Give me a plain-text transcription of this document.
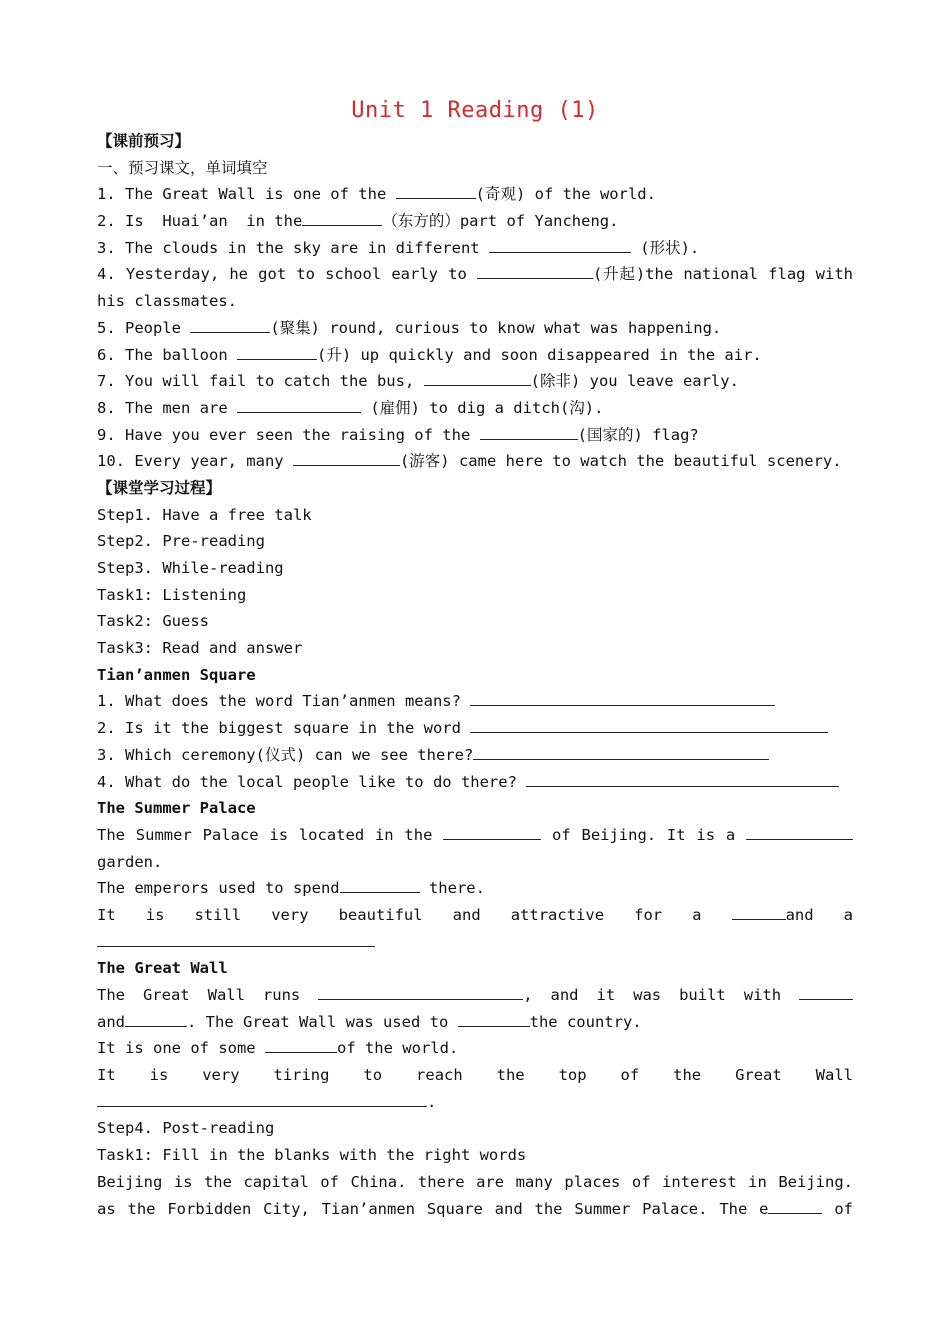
Unit 1 Reading (1)
【课前预习】
一、预习课文，单词填空
1. The Great Wall is one of the	(奇观) of the world.
2. Is  Huai’an  in the	（东方的）part of Yancheng.
3. The clouds in the sky are in different	(形状).
4. Yesterday, he got to school early to	(升起)the national flag with
his classmates.
5. People	(聚集) round, curious to know what was happening.
6. The balloon	(升) up quickly and soon disappeared in the air.
7. You will fail to catch the bus,	(除非) you leave early.
8. The men are	(雇佣) to dig a ditch(沟).
9. Have you ever seen the raising of the	(国家的) flag?
10. Every year, many	(游客) came here to watch the beautiful scenery.
【课堂学习过程】
Step1. Have a free talk
Step2. Pre-reading
Step3. While-reading
Task1: Listening
Task2: Guess
Task3: Read and answer
Tian’anmen Square
1. What does the word Tian’anmen means?
2. Is it the biggest square in the word
3. Which ceremony(仪式) can we see there?
4. What do the local people like to do there?
The Summer Palace
The Summer Palace is located in the	of Beijing. It is a
garden.
The emperors used to spend	there.
It is still very beautiful and attractive for a	and a
The Great Wall
The Great Wall runs	, and it was built with
and	. The Great Wall was used to	the country.
It is one of some	of the world.
It is very tiring to reach the top of the Great Wall
.
Step4. Post-reading
Task1: Fill in the blanks with the right words
Beijing is the capital of China. there are many places of interest in Beijing.
as the Forbidden City, Tian’anmen Square and the Summer Palace. The e	of
